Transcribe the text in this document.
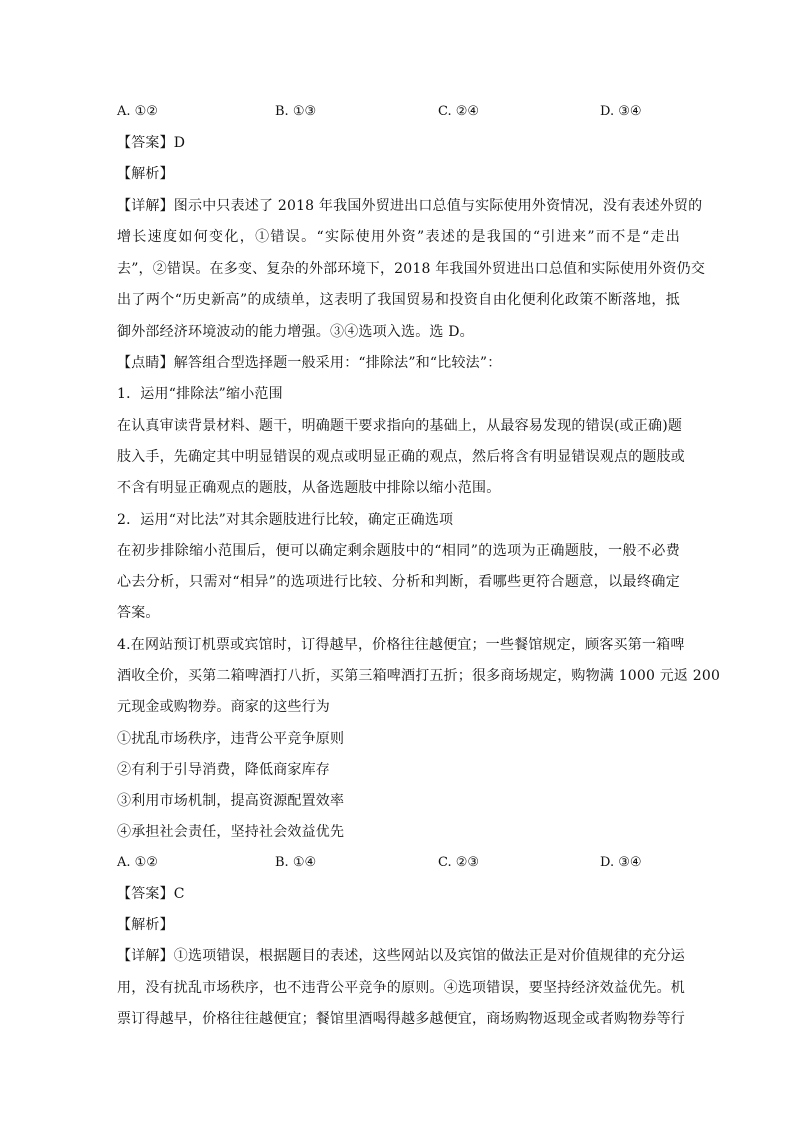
A. ①②	B. ①③	C. ②④	D. ③④
【答案】D
【解析】
【详解】图示中只表述了 2018 年我国外贸进出口总值与实际使用外资情况，没有表述外贸的
增长速度如何变化，①错误。“实际使用外资”表述的是我国的“引进来”而不是“走出
去”，②错误。在多变、复杂的外部环境下，2018 年我国外贸进出口总值和实际使用外资仍交
出了两个“历史新高”的成绩单，这表明了我国贸易和投资自由化便利化政策不断落地，抵
御外部经济环境波动的能力增强。③④选项入选。选 D。
【点睛】解答组合型选择题一般采用：“排除法”和“比较法”：
1．运用“排除法”缩小范围
在认真审读背景材料、题干，明确题干要求指向的基础上，从最容易发现的错误(或正确)题
肢入手，先确定其中明显错误的观点或明显正确的观点，然后将含有明显错误观点的题肢或
不含有明显正确观点的题肢，从备选题肢中排除以缩小范围。
2．运用“对比法”对其余题肢进行比较，确定正确选项
在初步排除缩小范围后，便可以确定剩余题肢中的“相同”的选项为正确题肢，一般不必费
心去分析，只需对“相异”的选项进行比较、分析和判断，看哪些更符合题意，以最终确定
答案。
4.在网站预订机票或宾馆时，订得越早，价格往往越便宜；一些餐馆规定，顾客买第一箱啤
酒收全价，买第二箱啤酒打八折，买第三箱啤酒打五折；很多商场规定，购物满 1000 元返 200
元现金或购物券。商家的这些行为
①扰乱市场秩序，违背公平竞争原则
②有利于引导消费，降低商家库存
③利用市场机制，提高资源配置效率
④承担社会责任，坚持社会效益优先
A. ①②	B. ①④	C. ②③	D. ③④
【答案】C
【解析】
【详解】①选项错误，根据题目的表述，这些网站以及宾馆的做法正是对价值规律的充分运
用，没有扰乱市场秩序，也不违背公平竞争的原则。④选项错误，要坚持经济效益优先。机
票订得越早，价格往往越便宜；餐馆里酒喝得越多越便宜，商场购物返现金或者购物券等行
